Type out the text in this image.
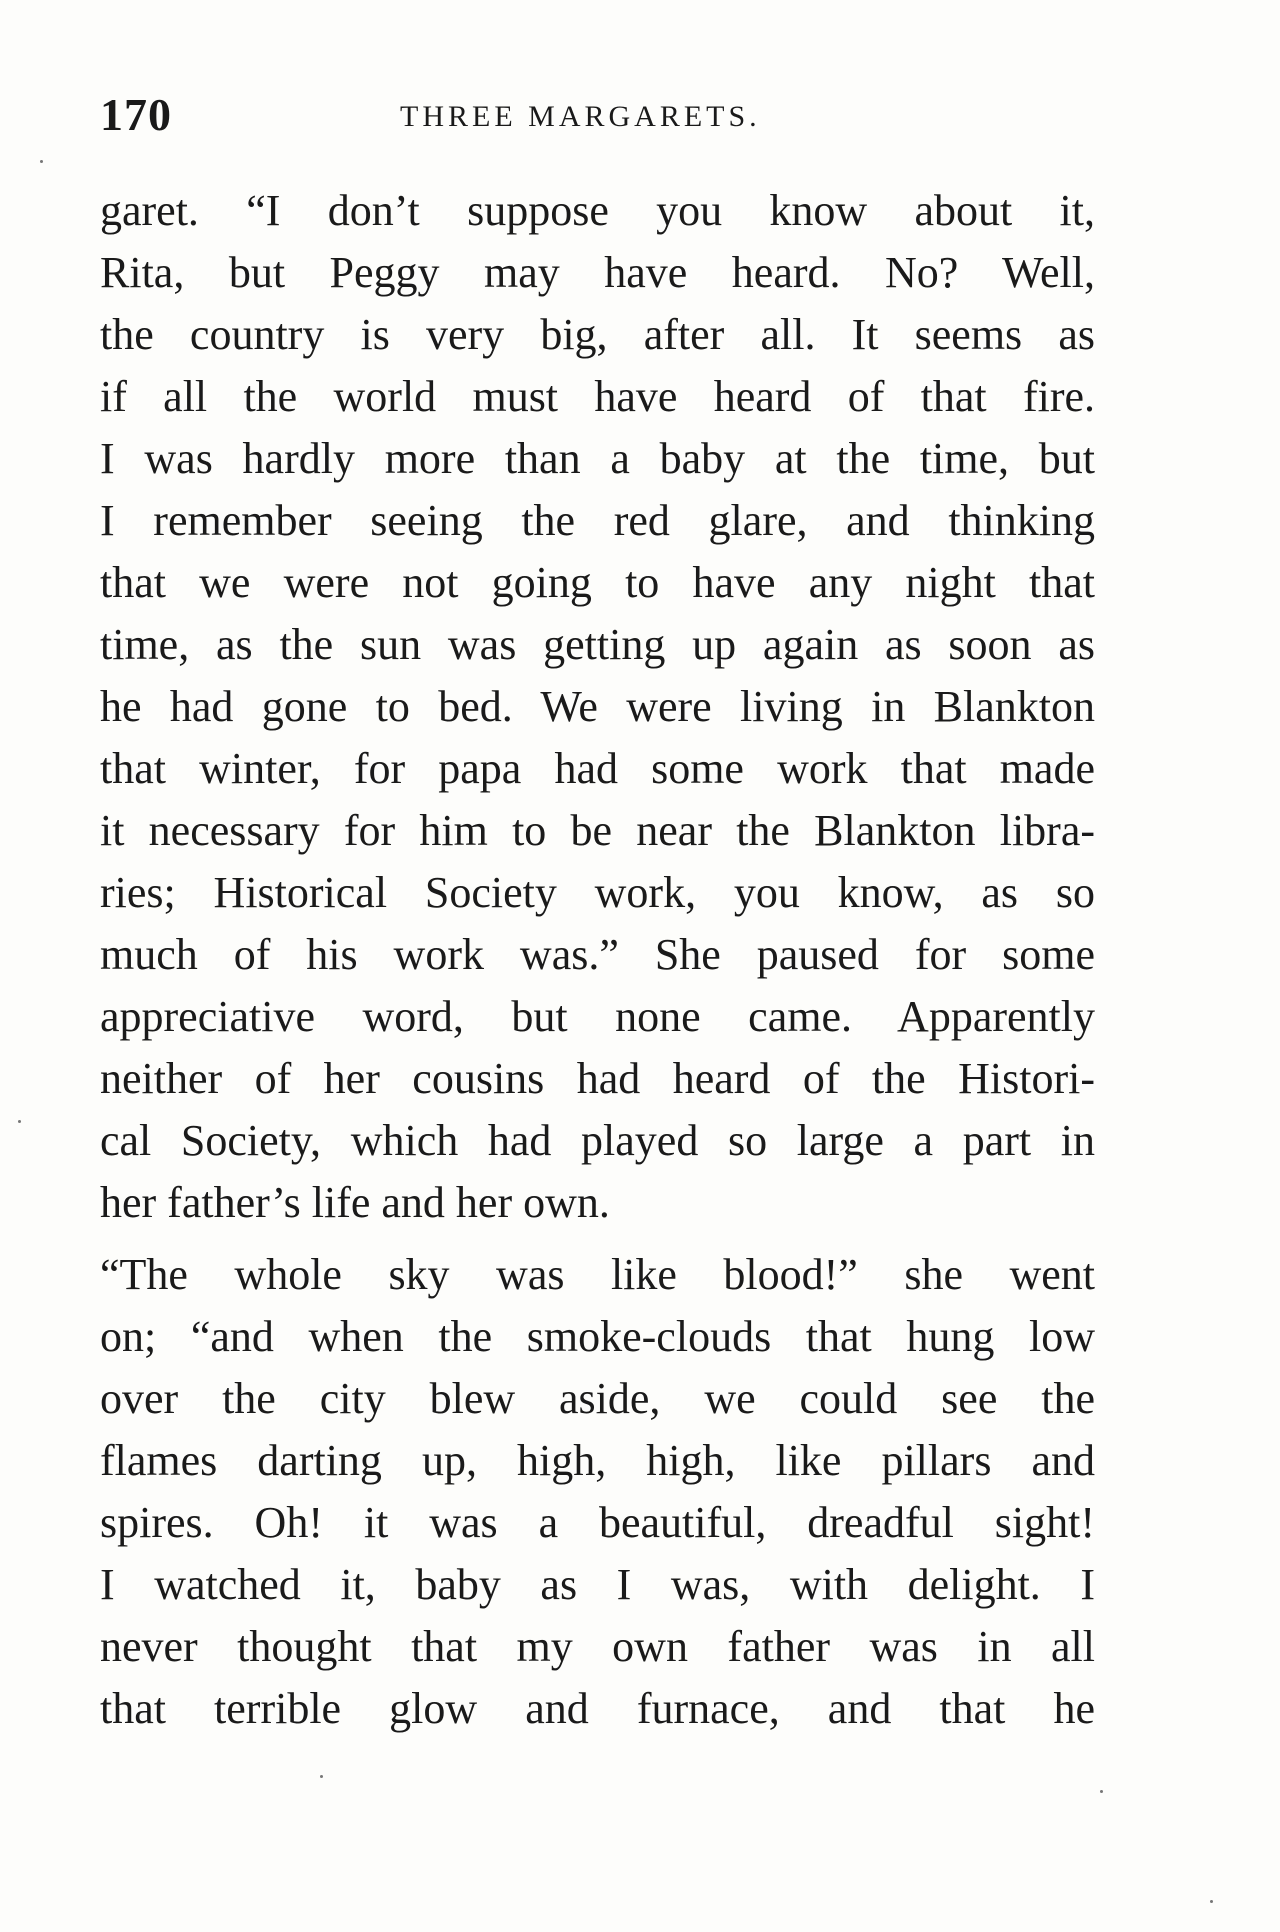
170	THREE MARGARETS.
garet. “I don’t suppose you know about it,
Rita, but Peggy may have heard. No? Well,
the country is very big, after all. It seems as
if all the world must have heard of that fire.
I was hardly more than a baby at the time, but
I remember seeing the red glare, and thinking
that we were not going to have any night that
time, as the sun was getting up again as soon as
he had gone to bed. We were living in Blankton
that winter, for papa had some work that made
it necessary for him to be near the Blankton libra-
ries; Historical Society work, you know, as so
much of his work was.” She paused for some
appreciative word, but none came. Apparently
neither of her cousins had heard of the Histori-
cal Society, which had played so large a part in
her father’s life and her own.
“The whole sky was like blood!” she went
on; “and when the smoke-clouds that hung low
over the city blew aside, we could see the
flames darting up, high, high, like pillars and
spires. Oh! it was a beautiful, dreadful sight!
I watched it, baby as I was, with delight. I
never thought that my own father was in all
that terrible glow and furnace, and that he
